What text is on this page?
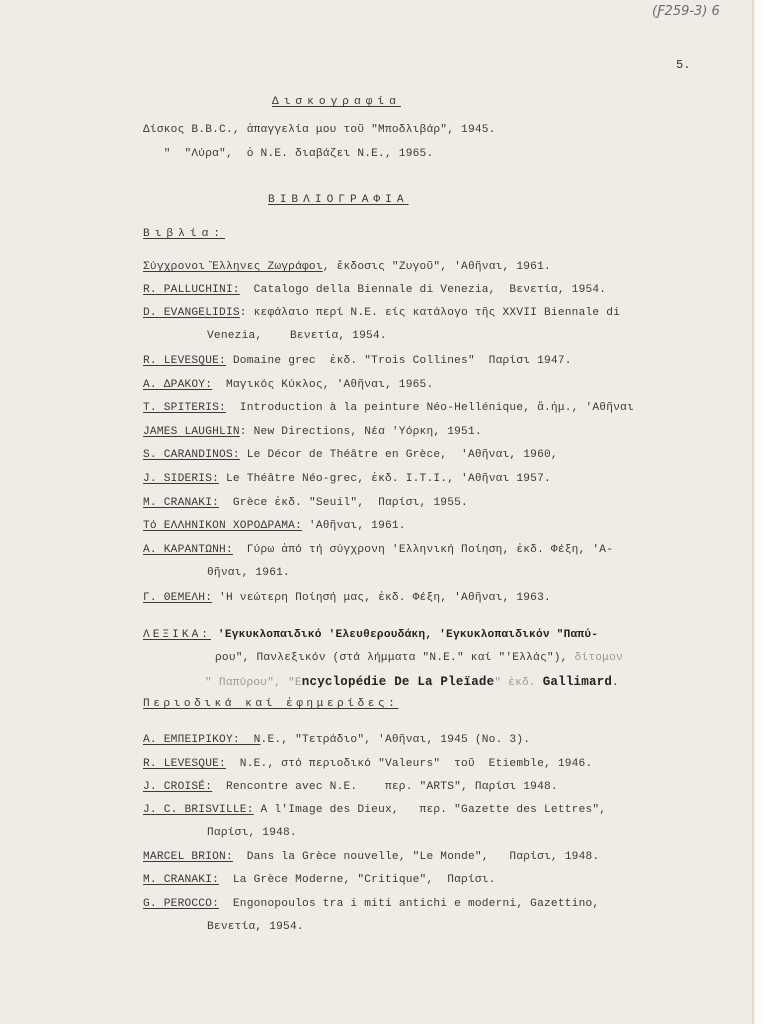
(Ƒ259-3) 6
5.
Δισκογραφία
Δίσκος B.B.C., ἀπαγγελία μου τοῦ "Μποδλιβάρ", 1945.
"  "Λύρα",  ὁ N.E. διαβάζει N.E., 1965.
ΒΙΒΛΙΟΓΡΑΦΙΑ
Βιβλία:
Σύγχρονοι Ἕλληνες Ζωγράφοι, ἔκδοσις "Ζυγοῦ", 'Αθῆναι, 1961.
R. PALLUCHINI:  Catalogo della Biennale di Venezia,  Βενετία, 1954.
D. EVANGELIDIS: κεφάλαιο περί N.E. είς κατάλογο τῆς XXVII Biennale di
Venezia,    Βενετία, 1954.
R. LEVESQUE: Domaine grec  ἐκδ. "Trois Collines"  Παρίσι 1947.
A. ΔΡΑΚΟΥ:  Μαγικός Κύκλος, 'Αθῆναι, 1965.
T. SPITERIS:  Introduction à la peinture Néo-Hellénique, ἄ.ἡμ., 'Αθῆναι
JAMES LAUGHLIN: New Directions, Νέα 'Υόρκη, 1951.
S. CARANDINOS: Le Décor de Théâtre en Grèce,  'Αθῆναι, 1960,
J. SIDERIS: Le Théâtre Néo-grec, ἐκδ. I.T.I., 'Αθῆναι 1957.
M. CRANAKI:  Grèce ἐκδ. "Seuil",  Παρίσι, 1955.
Τό ΕΛΛΗΝΙΚΟΝ ΧΟΡΟΔΡΑΜΑ: 'Αθῆναι, 1961.
A. ΚΑΡΑΝΤΩΝΗ:  Γύρω ἀπό τή σύγχρονη 'Ελληνική Ποίηση, ἐκδ. Φέξη, 'Α-
θῆναι, 1961.
Γ. ΘΕΜΕΛΗ: 'Η νεώτερη Ποίησή μας, ἐκδ. Φέξη, 'Αθῆναι, 1963.
ΛΕΞΙΚΑ: 'Εγκυκλοπαιδικό 'Ελευθερουδάκη, 'Εγκυκλοπαιδικόν "Παπύ-
ρου", Πανλεξικόν (στά λήμματα "N.E." καί "'Ελλάς"), δίτομον
" Παπύρου", "Encyclopédie De La Pleïade" ἐκδ. Gallimard.
Περιοδικά καί ἐφημερίδες:
A. ΕΜΠΕΙΡΙΚΟΥ:  N.E., "Τετράδιο", 'Αθῆναι, 1945 (No. 3).
R. LEVESQUE:  N.E., στό περιοδικό "Valeurs"  τοῦ  Etiemble, 1946.
J. CROISÉ:  Rencontre avec N.E.    περ. "ARTS", Παρίσι 1948.
J. C. BRISVILLE: A l'Image des Dieux,   περ. "Gazette des Lettres",
Παρίσι, 1948.
MARCEL BRION:  Dans la Grèce nouvelle, "Le Monde",   Παρίσι, 1948.
M. CRANAKI:  La Grèce Moderne, "Critique",  Παρίσι.
G. PEROCCO:  Engonopoulos tra i miti antichi e moderni, Gazettino,
Βενετία, 1954.
